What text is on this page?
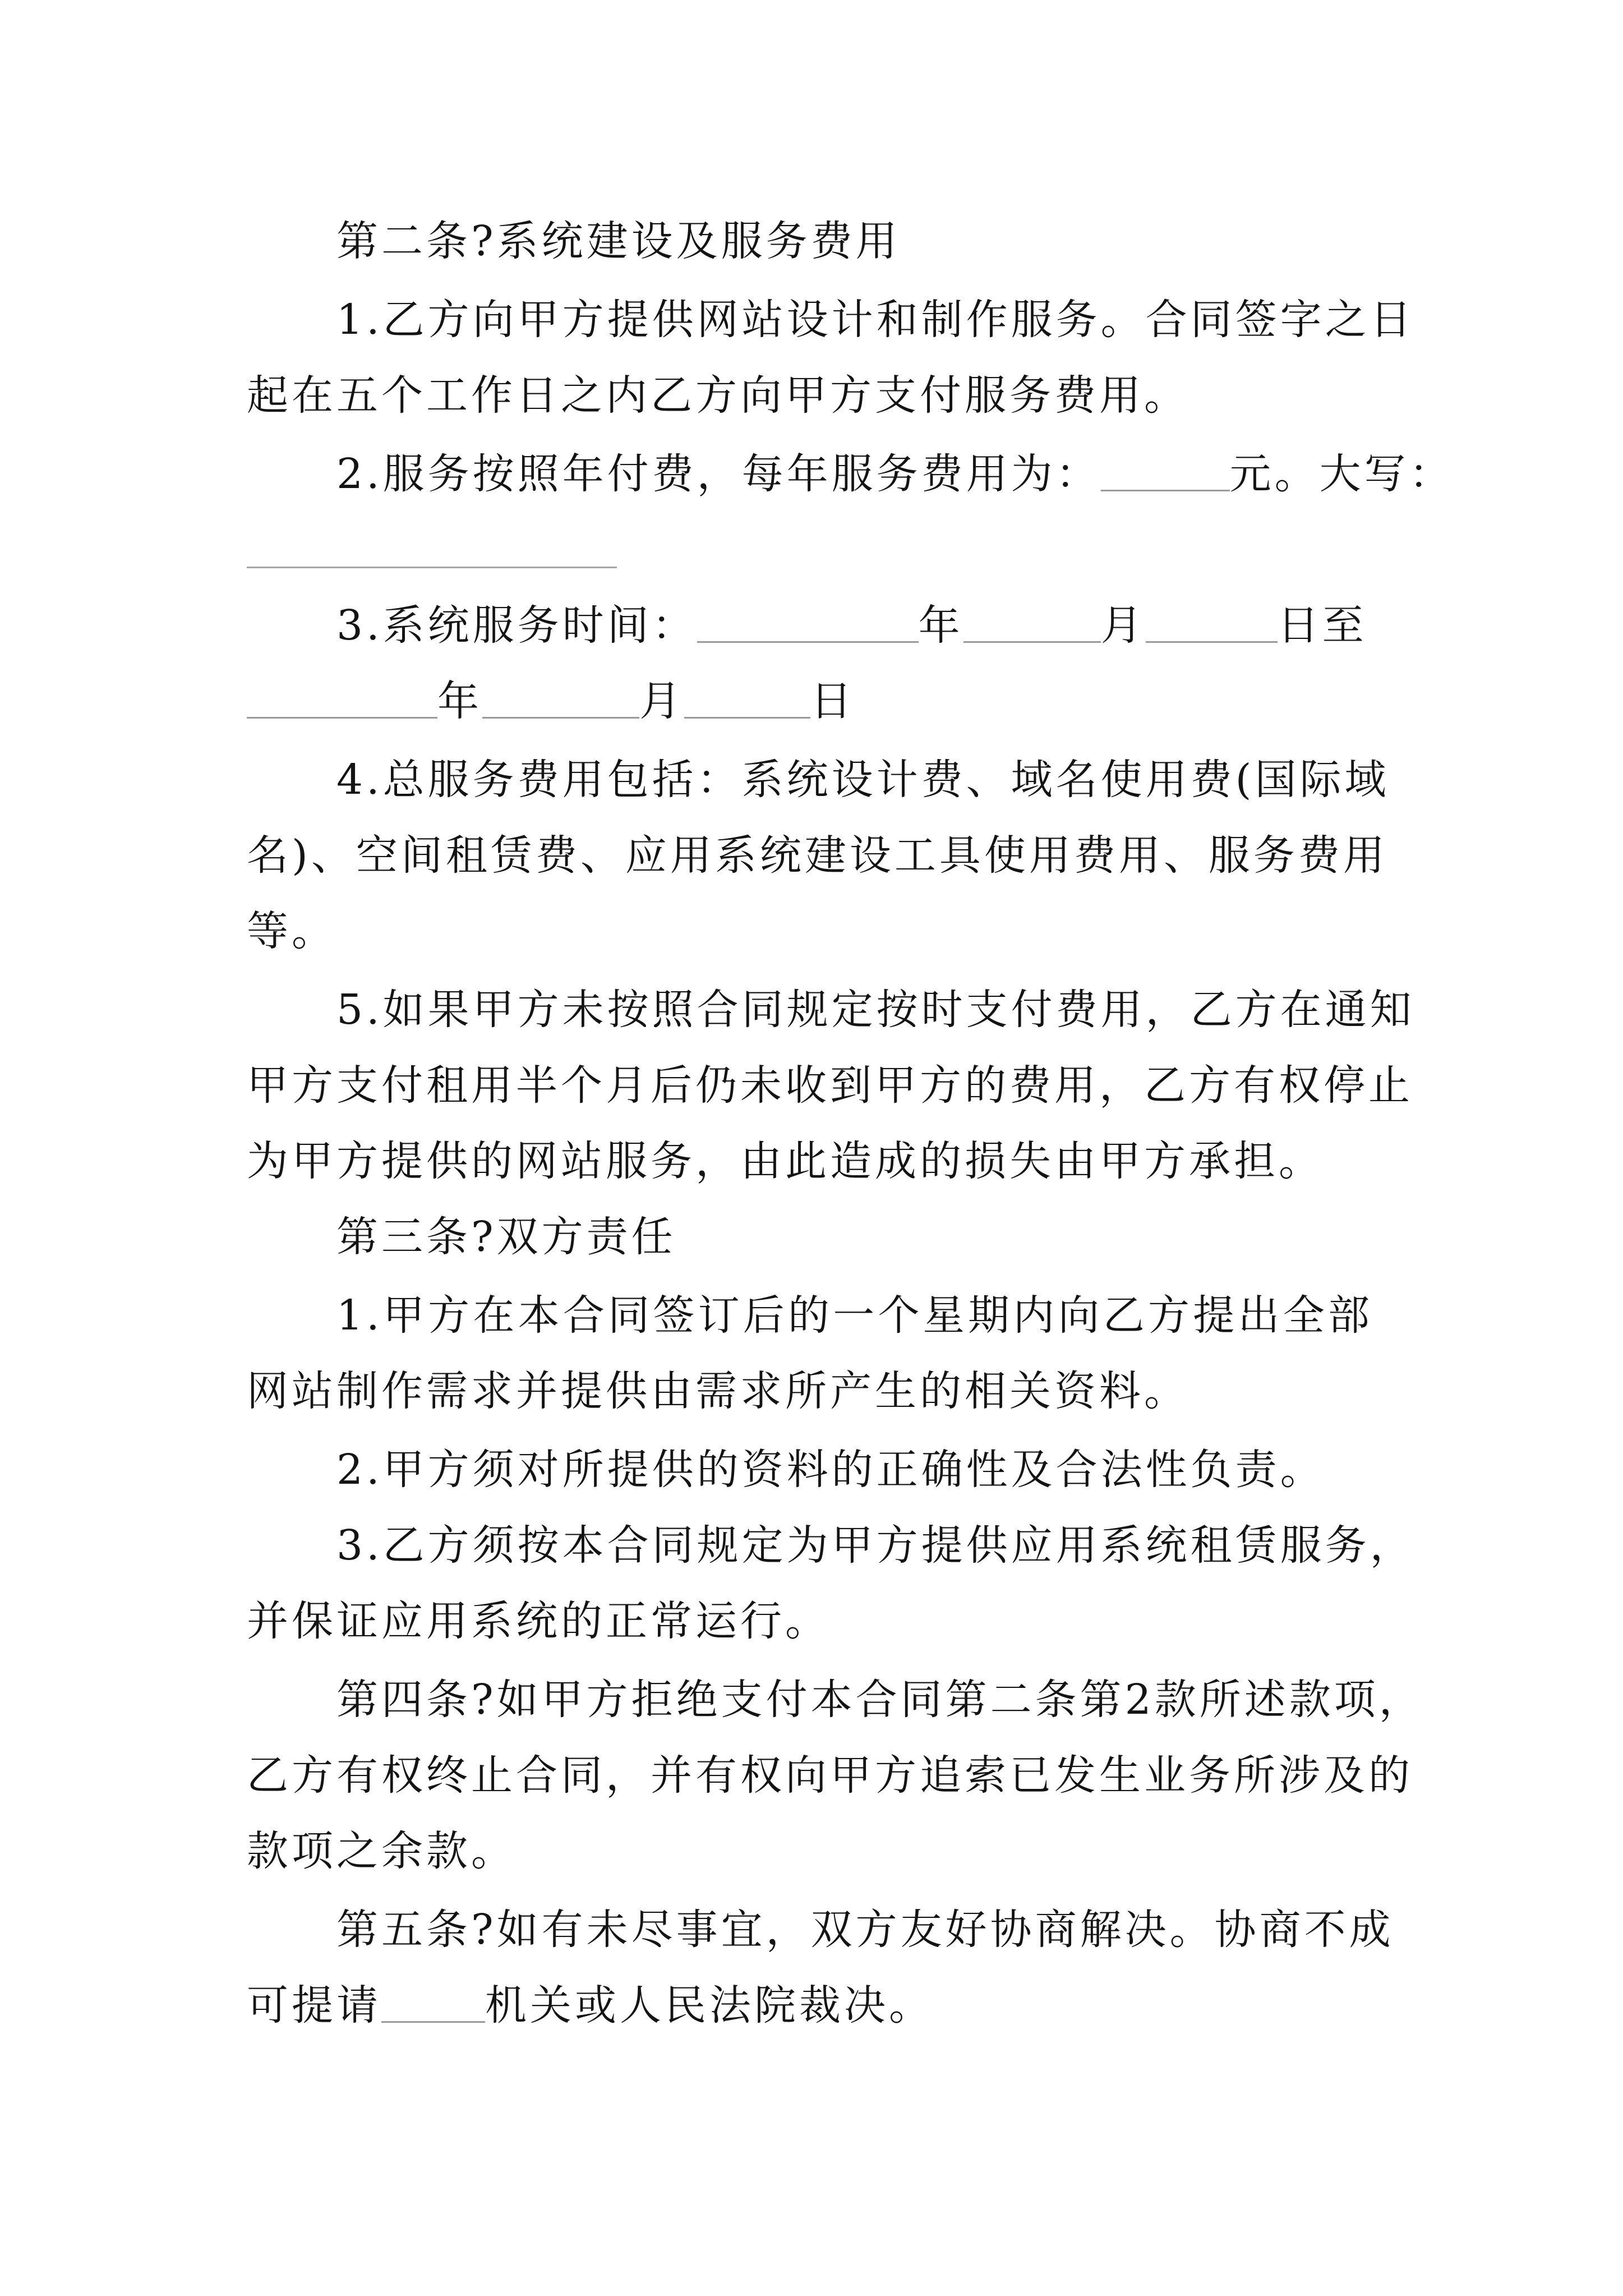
第二条?系统建设及服务费用
1.乙方向甲方提供网站设计和制作服务。合同签字之日
起在五个工作日之内乙方向甲方支付服务费用。
2.服务按照年付费，每年服务费用为：	元。大写：
3.系统服务时间：	年	月	日至
年	月	日
4.总服务费用包括：系统设计费、域名使用费(国际域
名)、空间租赁费、应用系统建设工具使用费用、服务费用
等。
5.如果甲方未按照合同规定按时支付费用，乙方在通知
甲方支付租用半个月后仍未收到甲方的费用，乙方有权停止
为甲方提供的网站服务，由此造成的损失由甲方承担。
第三条?双方责任
1.甲方在本合同签订后的一个星期内向乙方提出全部
网站制作需求并提供由需求所产生的相关资料。
2.甲方须对所提供的资料的正确性及合法性负责。
3.乙方须按本合同规定为甲方提供应用系统租赁服务，
并保证应用系统的正常运行。
第四条?如甲方拒绝支付本合同第二条第2款所述款项，
乙方有权终止合同，并有权向甲方追索已发生业务所涉及的
款项之余款。
第五条?如有未尽事宜，双方友好协商解决。协商不成
可提请	机关或人民法院裁决。
